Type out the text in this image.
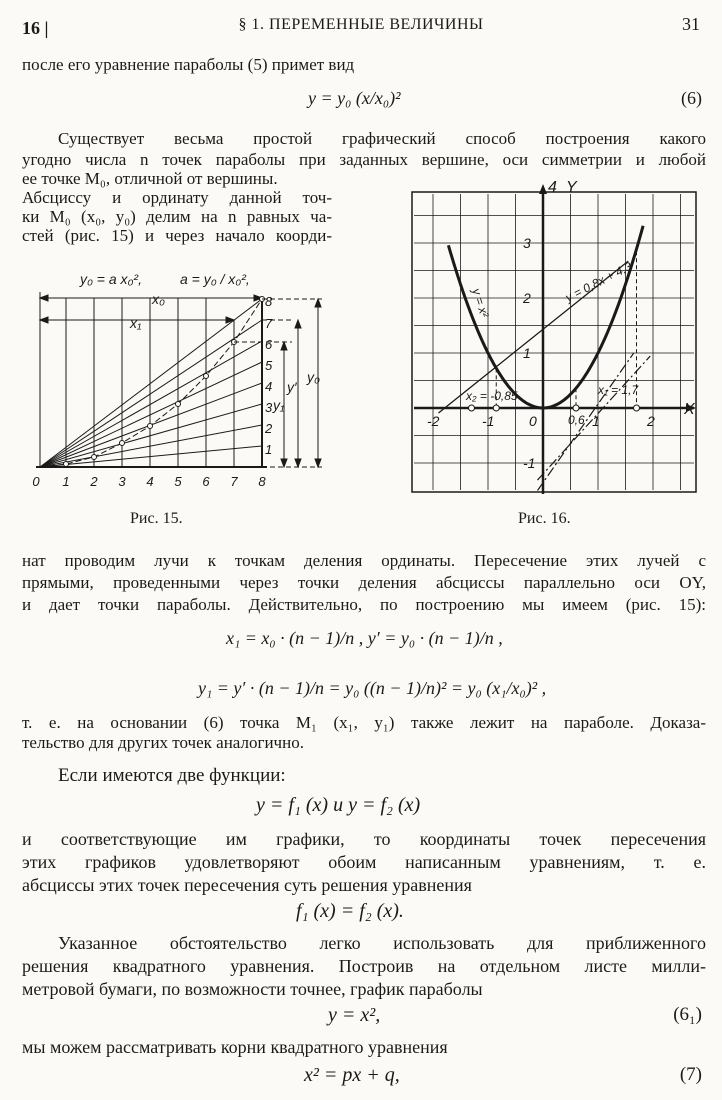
16 |	§ 1. ПЕРЕМЕННЫЕ ВЕЛИЧИНЫ	31
после его уравнение параболы (5) примет вид
y = y₀ (x/x₀)²	(6)
Существует весьма простой графический способ построения какого
угодно числа n точек параболы при заданных вершине, оси симметрии и любой
ее точке M₀, отличной от вершины.
Абсциссу и ординату данной точ-
ки M₀ (x₀, y₀) делим на n равных ча-
стей (рис. 15) и через начало коорди-
y₀ = a x₀²,	a = y₀ / x₀²,
x₀
x₁
y₁
y′
y₀
1
2
3
4
5
6
7
8
0 1 2 3 4 5 6 7 8
Рис. 15.
-2	-1 0	1	2
3
2
1
-1
4 Y
X
y = x²	y = 0,8x + 4,3
x₂ = -0,85	x₁ = 1,7
0,6
Рис. 16.
нат проводим лучи к точкам деления ординаты. Пересечение этих лучей с
прямыми, проведенными через точки деления абсциссы параллельно оси OY,
и дает точки параболы. Действительно, по построению мы имеем (рис. 15):
x₁ = x₀ · (n − 1)/n , y′ = y₀ · (n − 1)/n ,
y₁ = y′ · (n − 1)/n = y₀ ((n − 1)/n)² = y₀ (x₁/x₀)² ,
т. е. на основании (6) точка M₁ (x₁, y₁) также лежит на параболе. Доказа-
тельство для других точек аналогично.
Если имеются две функции:
y = f₁ (x) и y = f₂ (x)
и соответствующие им графики, то координаты точек пересечения
этих графиков удовлетворяют обоим написанным уравнениям, т. е.
абсциссы этих точек пересечения суть решения уравнения
f₁ (x) = f₂ (x).
Указанное обстоятельство легко использовать для приближенного
решения квадратного уравнения. Построив на отдельном листе милли-
метровой бумаги, по возможности точнее, график параболы
y = x²,	(6₁)
мы можем рассматривать корни квадратного уравнения
x² = px + q,	(7)
